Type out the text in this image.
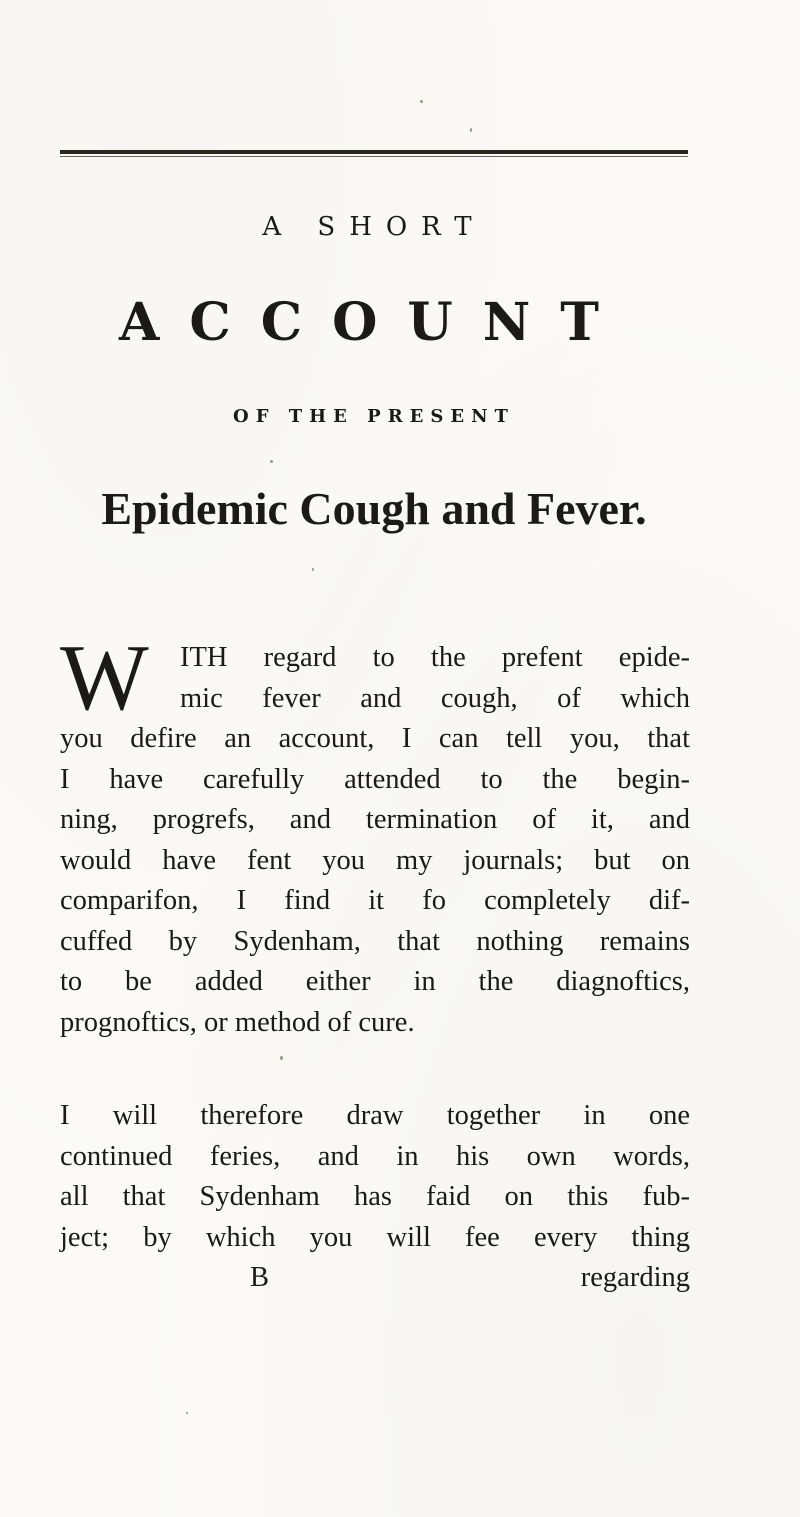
A SHORT
ACCOUNT
OF THE PRESENT
Epidemic Cough and Fever.
W	ITH regard to the prefent epide-
mic fever and cough, of which
you defire an account, I can tell you, that
I have carefully attended to the begin-
ning, progrefs, and termination of it, and
would have fent you my journals; but on
comparifon, I find it fo completely dif-
cuffed by Sydenham, that nothing remains
to be added either in the diagnoftics,
prognoftics, or method of cure.
I will therefore draw together in one
continued feries, and in his own words,
all that Sydenham has faid on this fub-
ject; by which you will fee every thing
B	regarding
